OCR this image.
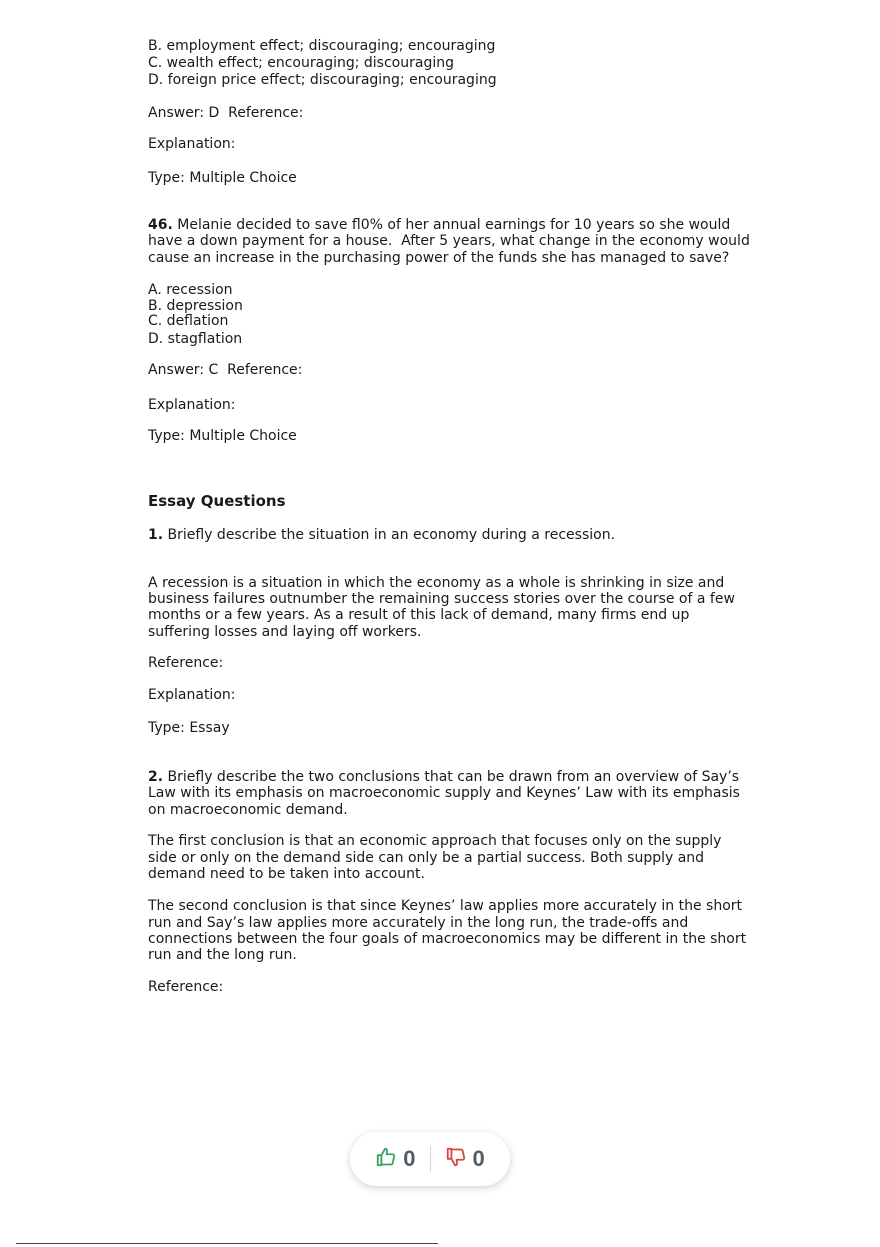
B. employment effect; discouraging; encouraging
C. wealth effect; encouraging; discouraging
D. foreign price effect; discouraging; encouraging
Answer: D  Reference:
Explanation:
Type: Multiple Choice
46. Melanie decided to save fl0% of her annual earnings for 10 years so she would
have a down payment for a house.  After 5 years, what change in the economy would
cause an increase in the purchasing power of the funds she has managed to save?
A. recession
B. depression
C. deflation
D. stagflation
Answer: C  Reference:
Explanation:
Type: Multiple Choice
Essay Questions
1. Briefly describe the situation in an economy during a recession.
A recession is a situation in which the economy as a whole is shrinking in size and
business failures outnumber the remaining success stories over the course of a few
months or a few years. As a result of this lack of demand, many firms end up
suffering losses and laying off workers.
Reference:
Explanation:
Type: Essay
2. Briefly describe the two conclusions that can be drawn from an overview of Say’s
Law with its emphasis on macroeconomic supply and Keynes’ Law with its emphasis
on macroeconomic demand.
The first conclusion is that an economic approach that focuses only on the supply
side or only on the demand side can only be a partial success. Both supply and
demand need to be taken into account.
The second conclusion is that since Keynes’ law applies more accurately in the short
run and Say’s law applies more accurately in the long run, the trade-offs and
connections between the four goals of macroeconomics may be different in the short
run and the long run.
Reference:
0	0
